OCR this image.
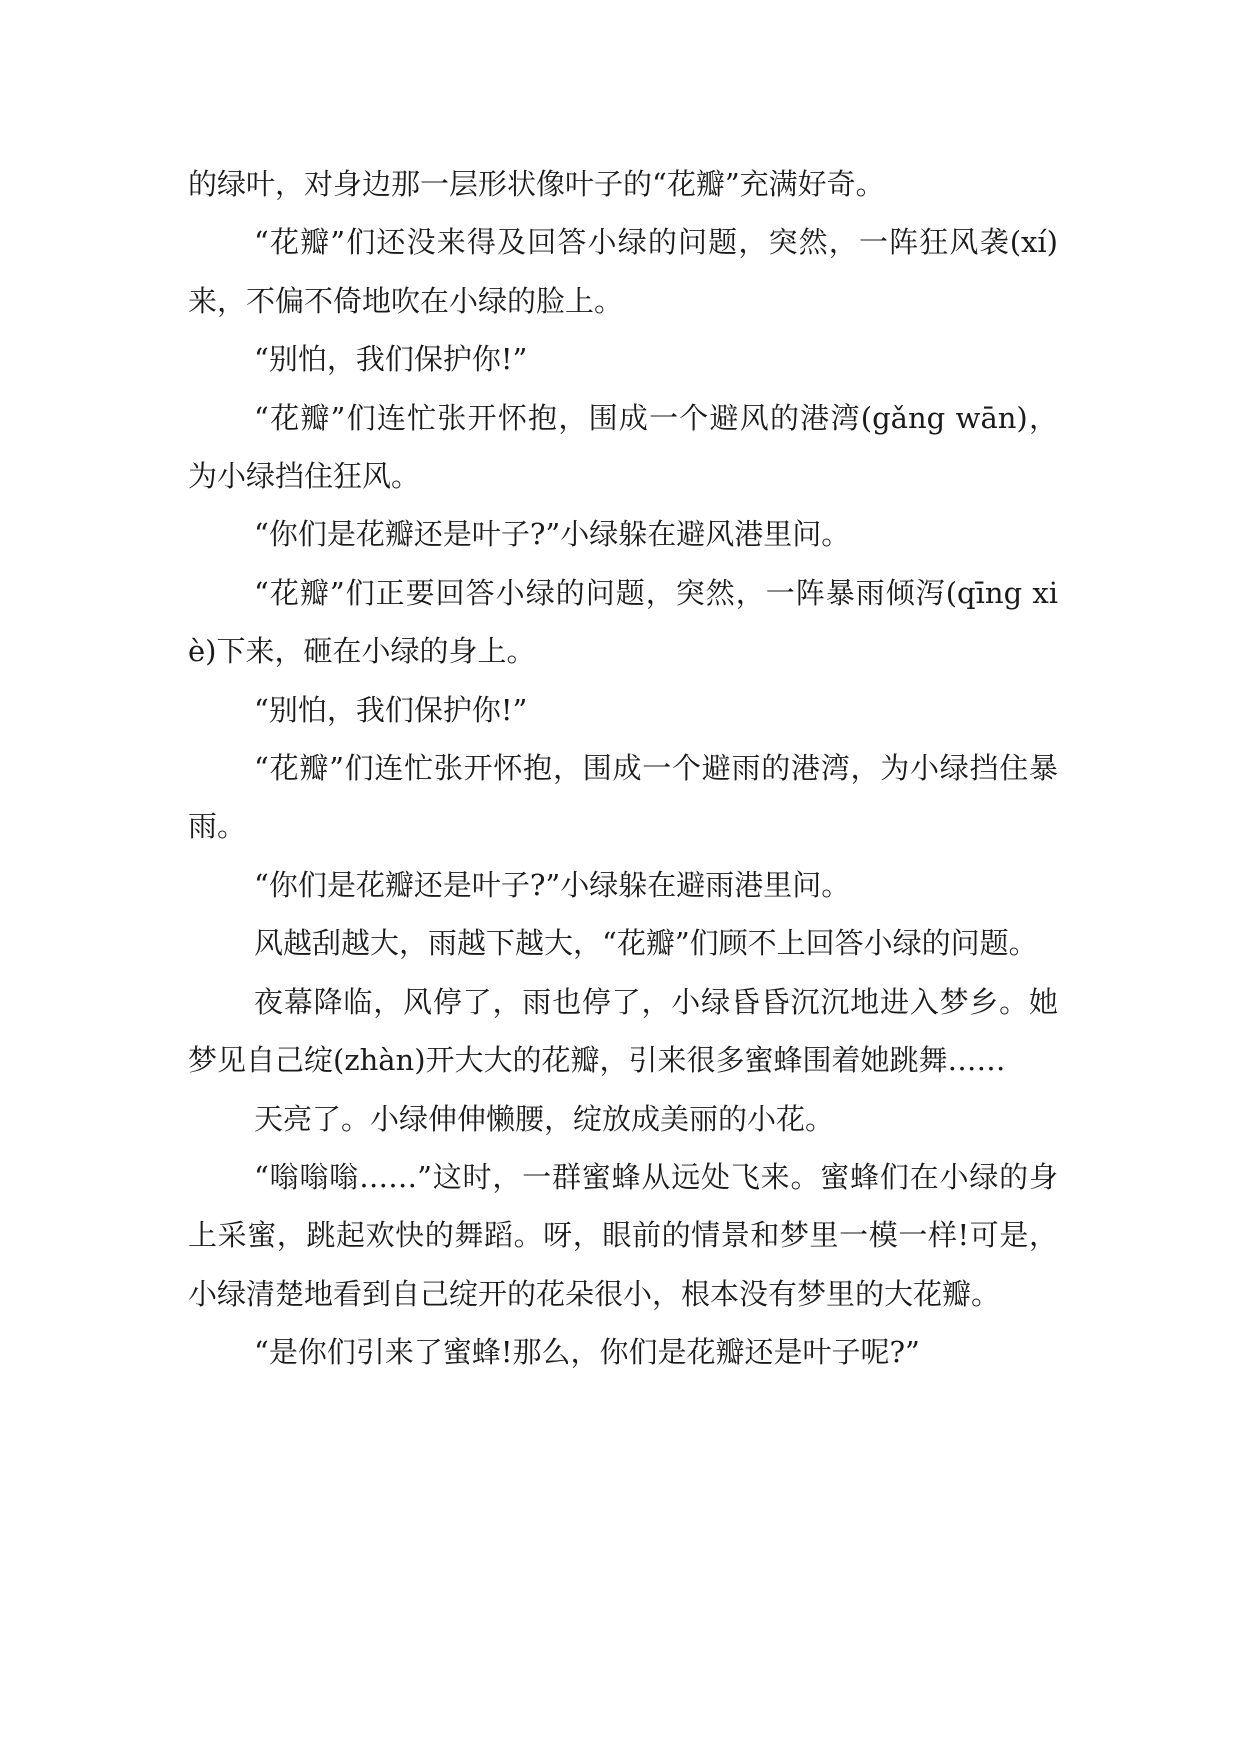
的绿叶，对身边那一层形状像叶子的“花瓣”充满好奇。

“花瓣”们还没来得及回答小绿的问题，突然，一阵狂风袭(xí)来，不偏不倚地吹在小绿的脸上。

“别怕，我们保护你!”

“花瓣”们连忙张开怀抱，围成一个避风的港湾(gǎng wān)，为小绿挡住狂风。

“你们是花瓣还是叶子?”小绿躲在避风港里问。

“花瓣”们正要回答小绿的问题，突然，一阵暴雨倾泻(qīng xiè)下来，砸在小绿的身上。

“别怕，我们保护你!”

“花瓣”们连忙张开怀抱，围成一个避雨的港湾，为小绿挡住暴雨。

“你们是花瓣还是叶子?”小绿躲在避雨港里问。

风越刮越大，雨越下越大，“花瓣”们顾不上回答小绿的问题。

夜幕降临，风停了，雨也停了，小绿昏昏沉沉地进入梦乡。她梦见自己绽(zhàn)开大大的花瓣，引来很多蜜蜂围着她跳舞……

天亮了。小绿伸伸懒腰，绽放成美丽的小花。

“嗡嗡嗡……”这时，一群蜜蜂从远处飞来。蜜蜂们在小绿的身上采蜜，跳起欢快的舞蹈。呀，眼前的情景和梦里一模一样!可是，小绿清楚地看到自己绽开的花朵很小，根本没有梦里的大花瓣。

“是你们引来了蜜蜂!那么，你们是花瓣还是叶子呢?”
